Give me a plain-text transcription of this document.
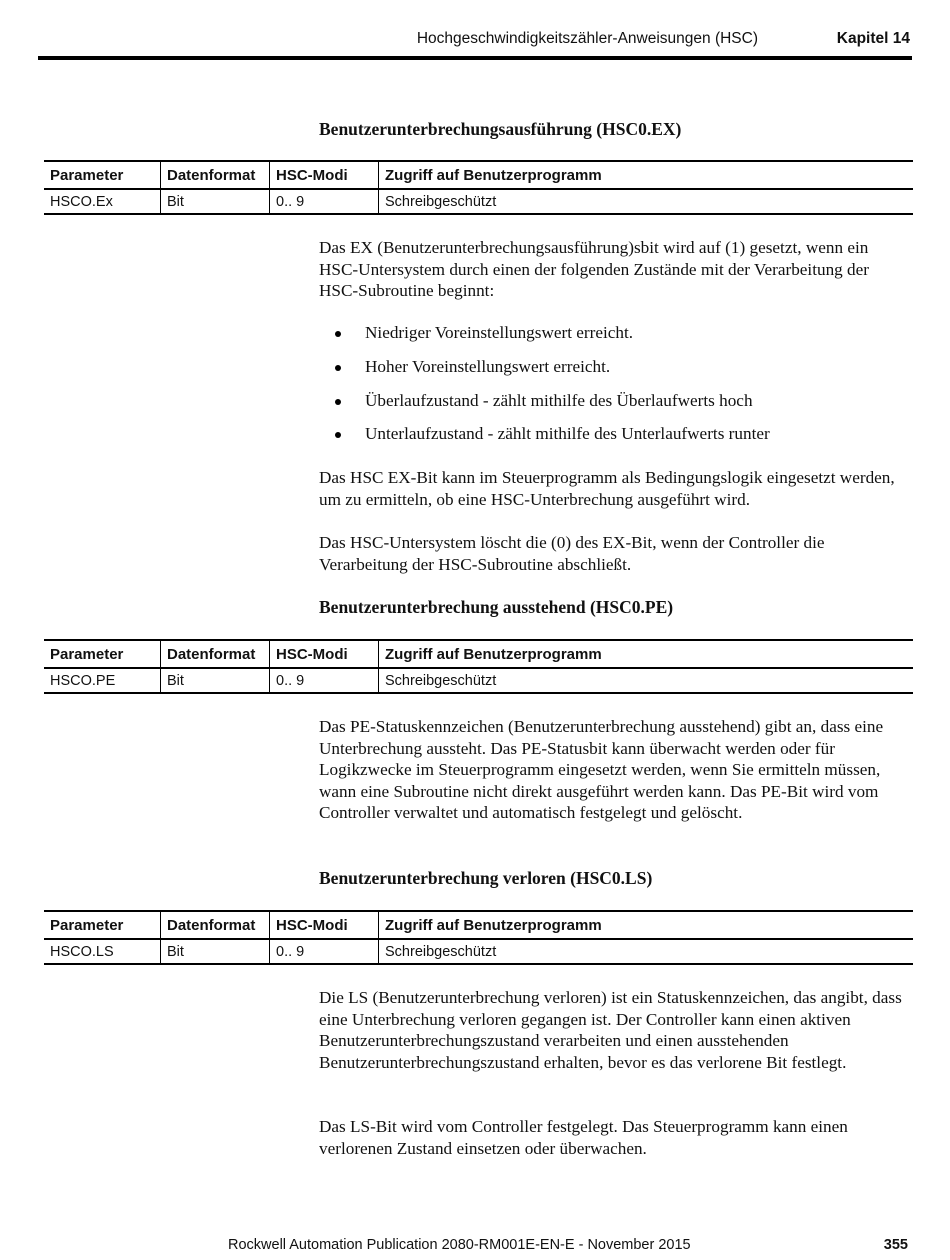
Hochgeschwindigkeitszähler-Anweisungen (HSC)	Kapitel 14
Benutzerunterbrechungsausführung (HSC0.EX)
Parameter	Datenformat	HSC-Modi	Zugriff auf Benutzerprogramm
HSCO.Ex	Bit	0.. 9	Schreibgeschützt

Das EX (Benutzerunterbrechungsausführung)sbit wird auf (1) gesetzt, wenn ein HSC-Untersystem durch einen der folgenden Zustände mit der Verarbeitung der HSC-Subroutine beginnt:

Niedriger Voreinstellungswert erreicht.
Hoher Voreinstellungswert erreicht.
Überlaufzustand - zählt mithilfe des Überlaufwerts hoch
Unterlaufzustand - zählt mithilfe des Unterlaufwerts runter

Das HSC EX-Bit kann im Steuerprogramm als Bedingungslogik eingesetzt werden, um zu ermitteln, ob eine HSC-Unterbrechung ausgeführt wird.

Das HSC-Untersystem löscht die (0) des EX-Bit, wenn der Controller die Verarbeitung der HSC-Subroutine abschließt.

Benutzerunterbrechung ausstehend (HSC0.PE)
Parameter	Datenformat	HSC-Modi	Zugriff auf Benutzerprogramm
HSCO.PE	Bit	0.. 9	Schreibgeschützt

Das PE-Statuskennzeichen (Benutzerunterbrechung ausstehend) gibt an, dass eine Unterbrechung aussteht. Das PE-Statusbit kann überwacht werden oder für Logikzwecke im Steuerprogramm eingesetzt werden, wenn Sie ermitteln müssen, wann eine Subroutine nicht direkt ausgeführt werden kann. Das PE-Bit wird vom Controller verwaltet und automatisch festgelegt und gelöscht.

Benutzerunterbrechung verloren (HSC0.LS)
Parameter	Datenformat	HSC-Modi	Zugriff auf Benutzerprogramm
HSCO.LS	Bit	0.. 9	Schreibgeschützt

Die LS (Benutzerunterbrechung verloren) ist ein Statuskennzeichen, das angibt, dass eine Unterbrechung verloren gegangen ist. Der Controller kann einen aktiven Benutzerunterbrechungszustand verarbeiten und einen ausstehenden Benutzerunterbrechungszustand erhalten, bevor es das verlorene Bit festlegt.

Das LS-Bit wird vom Controller festgelegt. Das Steuerprogramm kann einen verlorenen Zustand einsetzen oder überwachen.

Rockwell Automation Publication 2080-RM001E-EN-E - November 2015	355
